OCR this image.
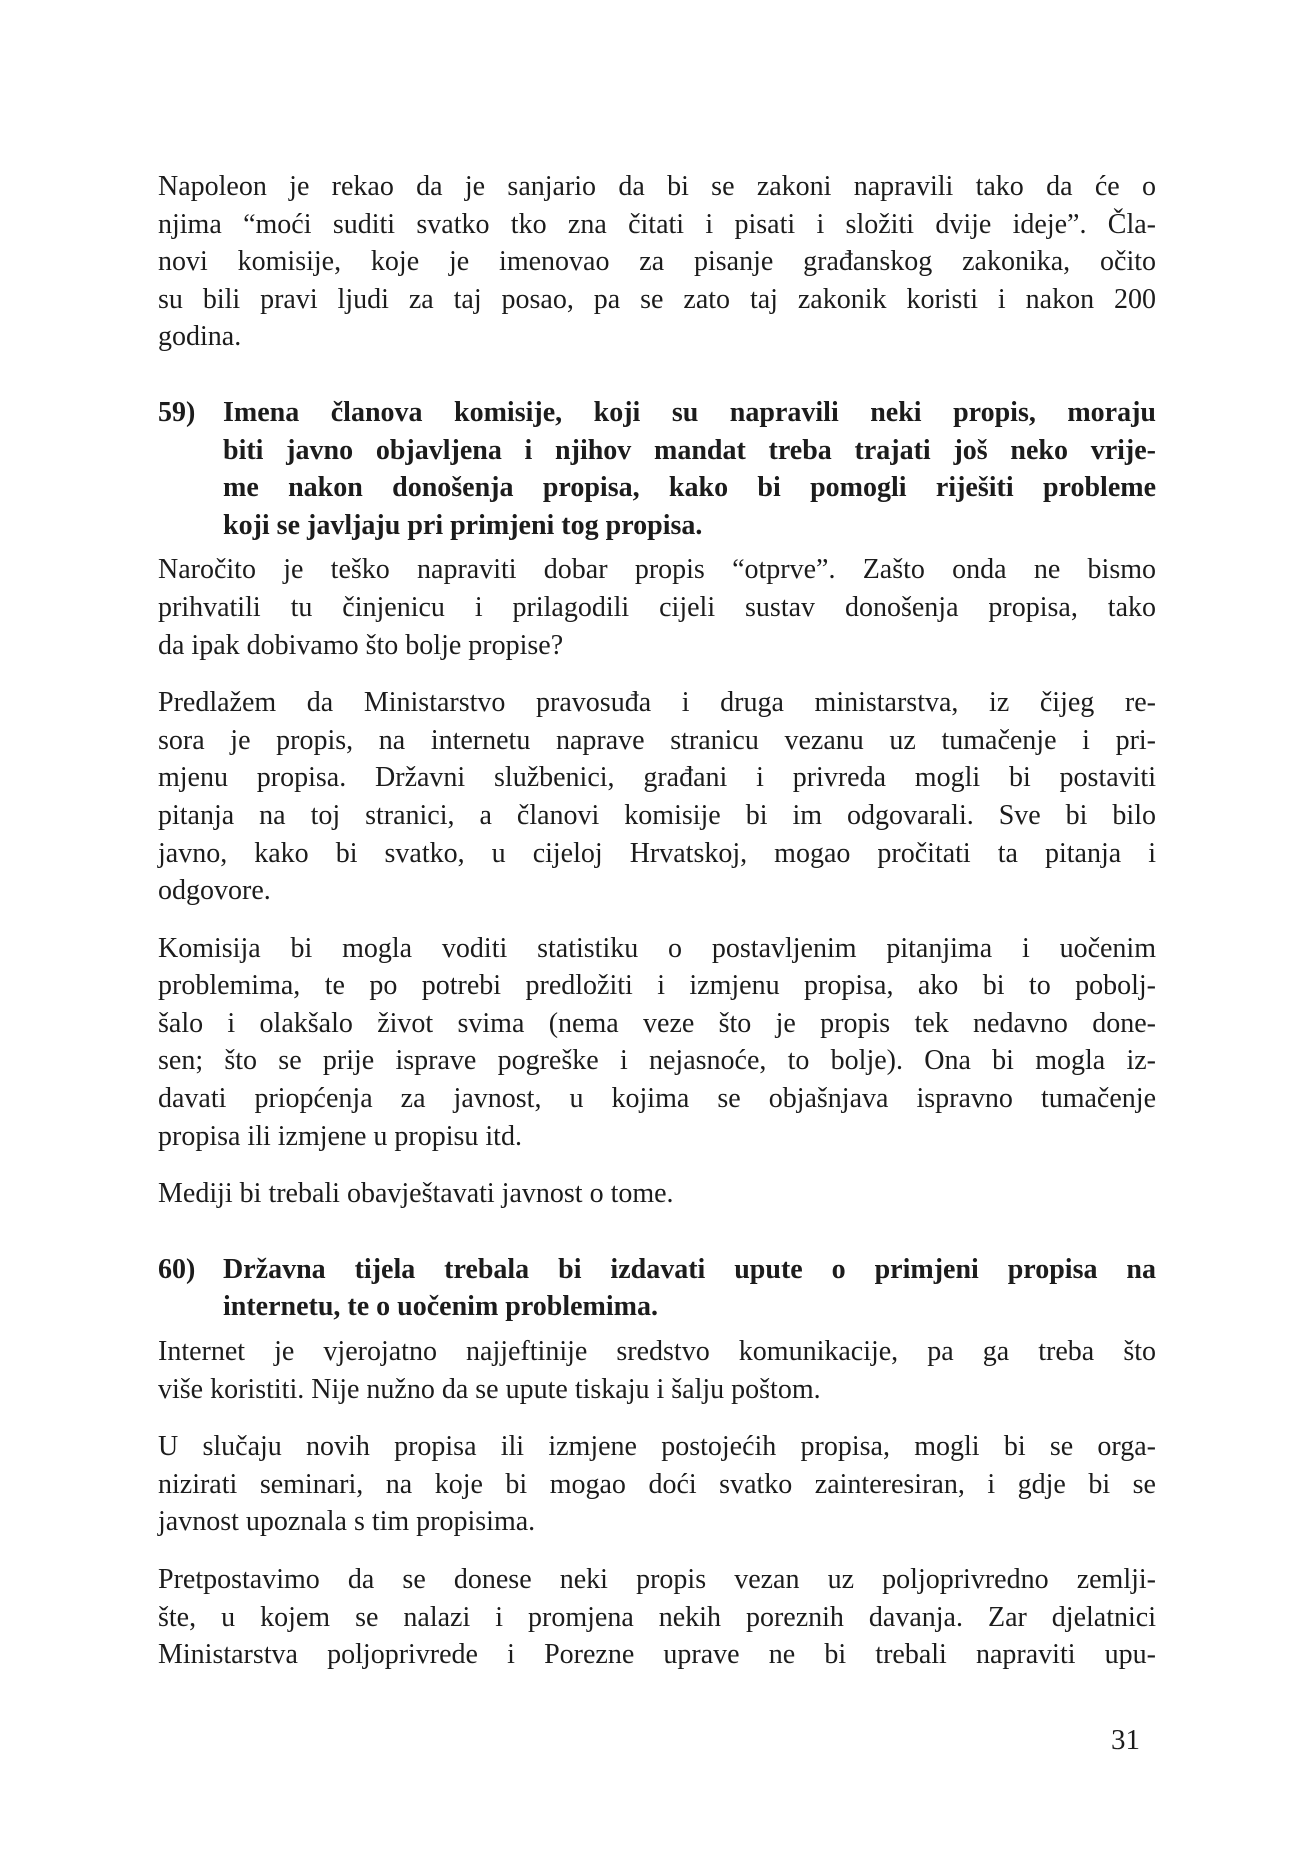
Napoleon je rekao da je sanjario da bi se zakoni napravili tako da će o
njima “moći suditi svatko tko zna čitati i pisati i složiti dvije ideje”. Čla-
novi komisije, koje je imenovao za pisanje građanskog zakonika, očito
su bili pravi ljudi za taj posao, pa se zato taj zakonik koristi i nakon 200
godina.
59) Imena članova komisije, koji su napravili neki propis, moraju
biti javno objavljena i njihov mandat treba trajati još neko vrije-
me nakon donošenja propisa, kako bi pomogli riješiti probleme
koji se javljaju pri primjeni tog propisa.
Naročito je teško napraviti dobar propis “otprve”. Zašto onda ne bismo
prihvatili tu činjenicu i prilagodili cijeli sustav donošenja propisa, tako
da ipak dobivamo što bolje propise?
Predlažem da Ministarstvo pravosuđa i druga ministarstva, iz čijeg re-
sora je propis, na internetu naprave stranicu vezanu uz tumačenje i pri-
mjenu propisa. Državni službenici, građani i privreda mogli bi postaviti
pitanja na toj stranici, a članovi komisije bi im odgovarali. Sve bi bilo
javno, kako bi svatko, u cijeloj Hrvatskoj, mogao pročitati ta pitanja i
odgovore.
Komisija bi mogla voditi statistiku o postavljenim pitanjima i uočenim
problemima, te po potrebi predložiti i izmjenu propisa, ako bi to pobolj-
šalo i olakšalo život svima (nema veze što je propis tek nedavno done-
sen; što se prije isprave pogreške i nejasnoće, to bolje). Ona bi mogla iz-
davati priopćenja za javnost, u kojima se objašnjava ispravno tumačenje
propisa ili izmjene u propisu itd.
Mediji bi trebali obavještavati javnost o tome.
60) Državna tijela trebala bi izdavati upute o primjeni propisa na
internetu, te o uočenim problemima.
Internet je vjerojatno najjeftinije sredstvo komunikacije, pa ga treba što
više koristiti. Nije nužno da se upute tiskaju i šalju poštom.
U slučaju novih propisa ili izmjene postojećih propisa, mogli bi se orga-
nizirati seminari, na koje bi mogao doći svatko zainteresiran, i gdje bi se
javnost upoznala s tim propisima.
Pretpostavimo da se donese neki propis vezan uz poljoprivredno zemlji-
šte, u kojem se nalazi i promjena nekih poreznih davanja. Zar djelatnici
Ministarstva poljoprivrede i Porezne uprave ne bi trebali napraviti upu-
31
